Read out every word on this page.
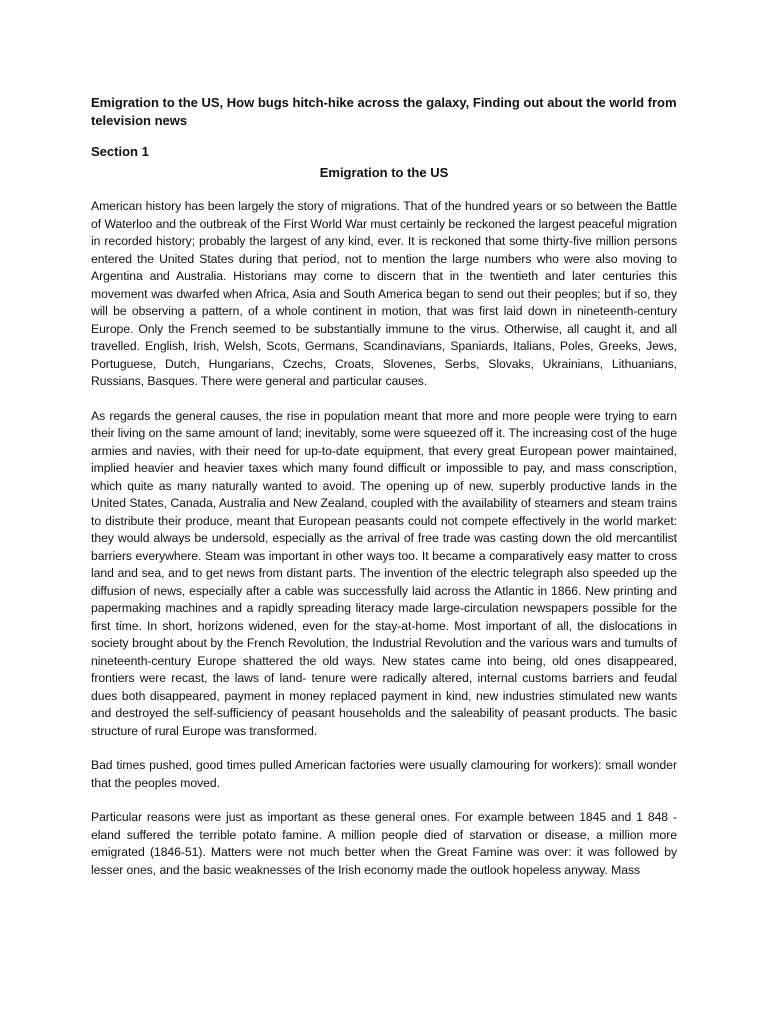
Emigration to the US, How bugs hitch-hike across the galaxy, Finding out about the world from television news

Section 1

Emigration to the US

American history has been largely the story of migrations. That of the hundred years or so between the Battle of Waterloo and the outbreak of the First World War must certainly be reckoned the largest peaceful migration in recorded history; probably the largest of any kind, ever. It is reckoned that some thirty-five million persons entered the United States during that period, not to mention the large numbers who were also moving to Argentina and Australia. Historians may come to discern that in the twentieth and later centuries this movement was dwarfed when Africa, Asia and South America began to send out their peoples; but if so, they will be observing a pattern, of a whole continent in motion, that was first laid down in nineteenth-century Europe. Only the French seemed to be substantially immune to the virus. Otherwise, all caught it, and all travelled. English, Irish, Welsh, Scots, Germans, Scandinavians, Spaniards, Italians, Poles, Greeks, Jews, Portuguese, Dutch, Hungarians, Czechs, Croats, Slovenes, Serbs, Slovaks, Ukrainians, Lithuanians, Russians, Basques. There were general and particular causes.

As regards the general causes, the rise in population meant that more and more people were trying to earn their living on the same amount of land; inevitably, some were squeezed off it. The increasing cost of the huge armies and navies, with their need for up-to-date equipment, that every great European power maintained, implied heavier and heavier taxes which many found difficult or impossible to pay, and mass conscription, which quite as many naturally wanted to avoid. The opening up of new, superbly productive lands in the United States, Canada, Australia and New Zealand, coupled with the availability of steamers and steam trains to distribute their produce, meant that European peasants could not compete effectively in the world market: they would always be undersold, especially as the arrival of free trade was casting down the old mercantilist barriers everywhere. Steam was important in other ways too. It became a comparatively easy matter to cross land and sea, and to get news from distant parts. The invention of the electric telegraph also speeded up the diffusion of news, especially after a cable was successfully laid across the Atlantic in 1866. New printing and papermaking machines and a rapidly spreading literacy made large-circulation newspapers possible for the first time. In short, horizons widened, even for the stay-at-home. Most important of all, the dislocations in society brought about by the French Revolution, the Industrial Revolution and the various wars and tumults of nineteenth-century Europe shattered the old ways. New states came into being, old ones disappeared, frontiers were recast, the laws of land- tenure were radically altered, internal customs barriers and feudal dues both disappeared, payment in money replaced payment in kind, new industries stimulated new wants and destroyed the self-sufficiency of peasant households and the saleability of peasant products. The basic structure of rural Europe was transformed.

Bad times pushed, good times pulled American factories were usually clamouring for workers): small wonder that the peoples moved.

Particular reasons were just as important as these general ones. For example between 1845 and 1 848 - eland suffered the terrible potato famine. A million people died of starvation or disease, a million more emigrated (1846-51). Matters were not much better when the Great Famine was over: it was followed by lesser ones, and the basic weaknesses of the Irish economy made the outlook hopeless anyway. Mass
